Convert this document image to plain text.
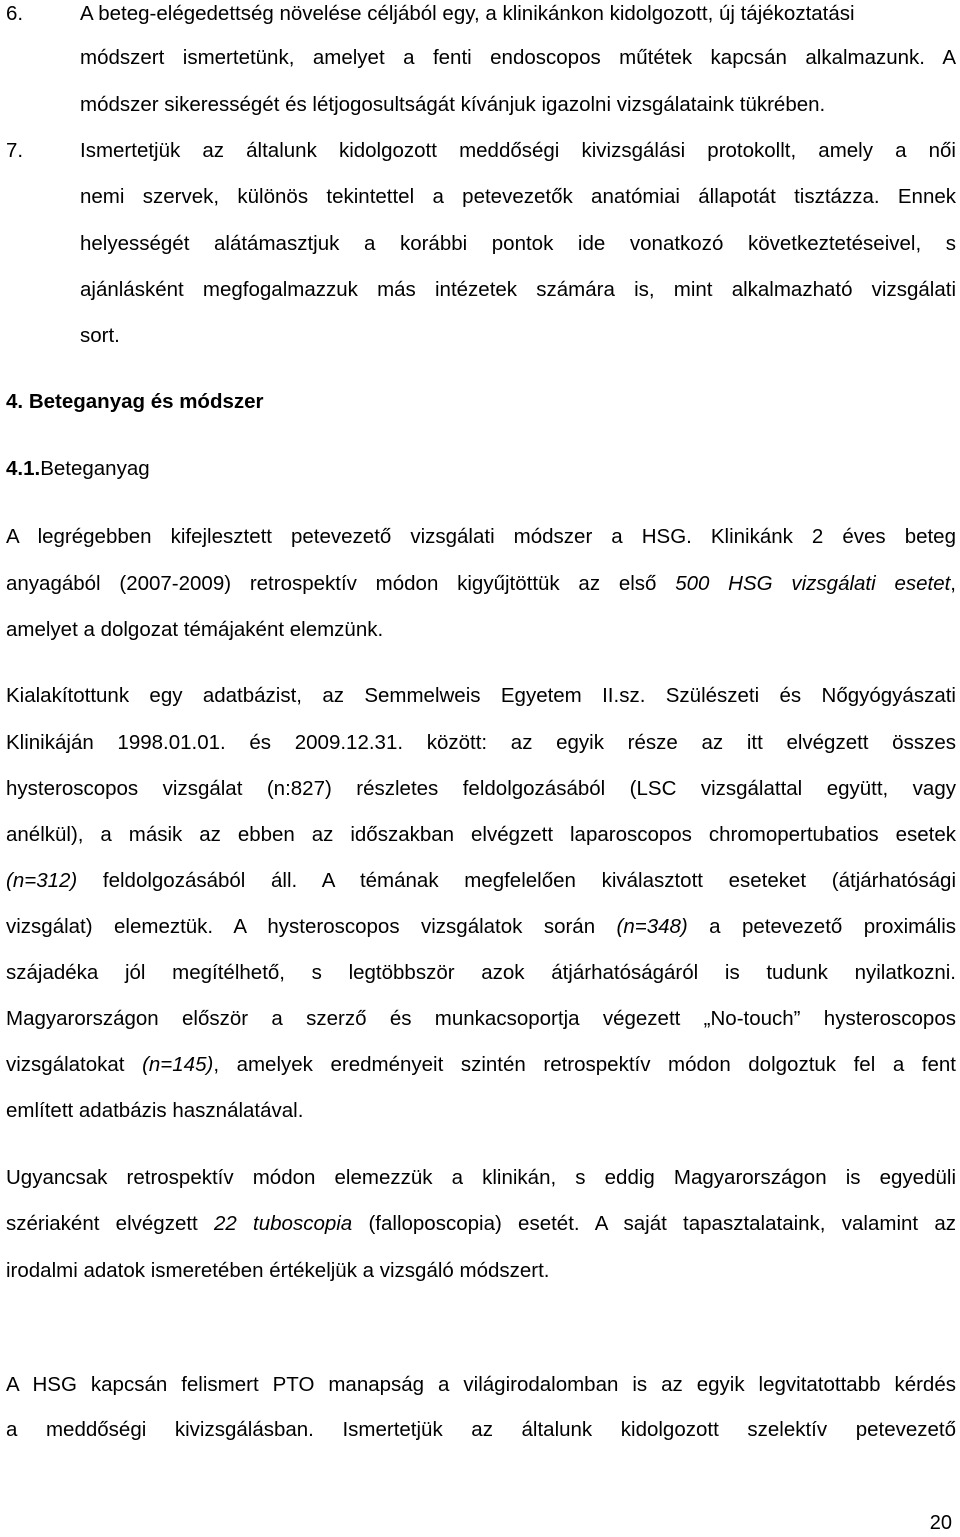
6.	A beteg-elégedettség növelése céljából egy, a klinikánkon kidolgozott, új tájékoztatási
módszert ismertetünk, amelyet a fenti endoscopos műtétek kapcsán alkalmazunk. A
módszer sikerességét és létjogosultságát kívánjuk igazolni vizsgálataink tükrében.
7.	Ismertetjük az általunk kidolgozott meddőségi kivizsgálási protokollt, amely a női
nemi szervek, különös tekintettel a petevezetők anatómiai állapotát tisztázza. Ennek
helyességét alátámasztjuk a korábbi pontok ide vonatkozó következtetéseivel, s
ajánlásként megfogalmazzuk más intézetek számára is, mint alkalmazható vizsgálati
sort.
4. Beteganyag és módszer
4.1.Beteganyag
A legrégebben kifejlesztett petevezető vizsgálati módszer a HSG. Klinikánk 2 éves beteg
anyagából (2007-2009) retrospektív módon kigyűjtöttük az első 500 HSG vizsgálati esetet,
amelyet a dolgozat témájaként elemzünk.
Kialakítottunk egy adatbázist, az Semmelweis Egyetem II.sz. Szülészeti és Nőgyógyászati
Klinikáján 1998.01.01. és 2009.12.31. között: az egyik része az itt elvégzett összes
hysteroscopos vizsgálat (n:827) részletes feldolgozásából (LSC vizsgálattal együtt, vagy
anélkül), a másik az ebben az időszakban elvégzett laparoscopos chromopertubatios esetek
(n=312) feldolgozásából áll. A témának megfelelően kiválasztott eseteket (átjárhatósági
vizsgálat) elemeztük. A hysteroscopos vizsgálatok során (n=348) a petevezető proximális
szájadéka jól megítélhető, s legtöbbször azok átjárhatóságáról is tudunk nyilatkozni.
Magyarországon először a szerző és munkacsoportja végezett „No-touch” hysteroscopos
vizsgálatokat (n=145), amelyek eredményeit szintén retrospektív módon dolgoztuk fel a fent
említett adatbázis használatával.
Ugyancsak retrospektív módon elemezzük a klinikán, s eddig Magyarországon is egyedüli
szériaként elvégzett 22 tuboscopia (falloposcopia) esetét. A saját tapasztalataink, valamint az
irodalmi adatok ismeretében értékeljük a vizsgáló módszert.
A HSG kapcsán felismert PTO manapság a világirodalomban is az egyik legvitatottabb kérdés
a meddőségi kivizsgálásban. Ismertetjük az általunk kidolgozott szelektív petevezető
20
